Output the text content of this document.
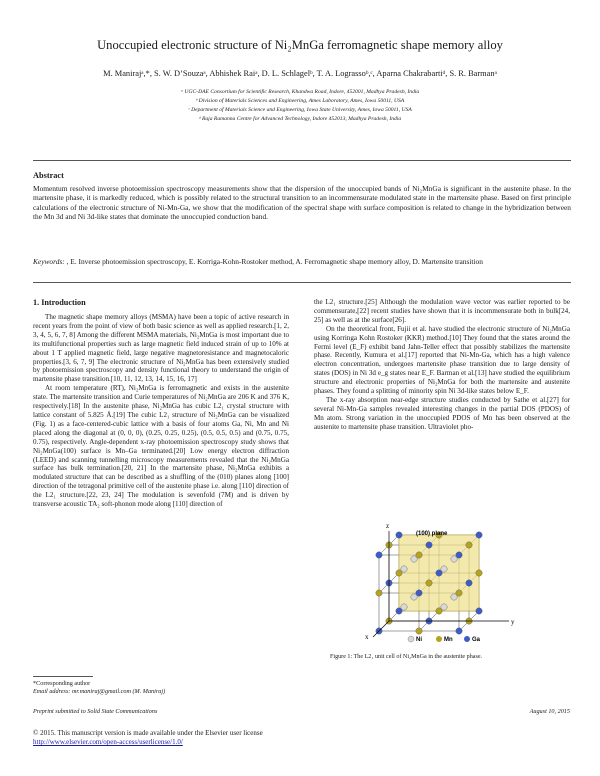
Unoccupied electronic structure of Ni₂MnGa ferromagnetic shape memory alloy
M. Manirajᵃ,*, S. W. D’Souzaᵃ, Abhishek Raiᵃ, D. L. Schlagelᵇ, T. A. Lograssoᵇ,ᶜ, Aparna Chakrabartiᵈ, S. R. Barmanᵃ
ᵃ UGC-DAE Consortium for Scientific Research, Khandwa Road, Indore, 452001, Madhya Pradesh, India
ᵇ Division of Materials Sciences and Engineering, Ames Laboratory, Ames, Iowa 50011, USA
ᶜ Department of Materials Science and Engineering, Iowa State University, Ames, Iowa 50011, USA
ᵈ Raja Ramanna Centre for Advanced Technology, Indore 452013, Madhya Pradesh, India
Abstract
Momentum resolved inverse photoemission spectroscopy measurements show that the dispersion of the unoccupied bands of Ni₂MnGa is significant in the austenite phase. In the martensite phase, it is markedly reduced, which is possibly related to the structural transition to an incommensurate modulated state in the martensite phase. Based on first principle calculations of the electronic structure of Ni-Mn-Ga, we show that the modification of the spectral shape with surface composition is related to change in the hybridization between the Mn 3d and Ni 3d-like states that dominate the unoccupied conduction band.
Keywords: , E. Inverse photoemission spectroscopy, E. Korriga-Kohn-Rostoker method, A. Ferromagnetic shape memory alloy, D. Martensite transition
1. Introduction

The magnetic shape memory alloys (MSMA) have been a topic of active research in recent years from the point of view of both basic science as well as applied research.[1, 2, 3, 4, 5, 6, 7, 8] Among the different MSMA materials, Ni₂MnGa is most important due to its multifunctional properties such as large magnetic field induced strain of up to 10% at about 1 T applied magnetic field, large negative magnetoresistance and magnetocaloric properties.[3, 6, 7, 9] The electronic structure of Ni₂MnGa has been extensively studied by photoemission spectroscopy and density functional theory to understand the origin of martensite phase transition.[10, 11, 12, 13, 14, 15, 16, 17]

At room temperature (RT), Ni₂MnGa is ferromagnetic and exists in the austenite state. The martensite transition and Curie temperatures of Ni₂MnGa are 206 K and 376 K, respectively.[18] In the austenite phase, Ni₂MnGa has cubic L2₁ crystal structure with lattice constant of 5.825 Å.[19] The cubic L2₁ structure of Ni₂MnGa can be visualized (Fig. 1) as a face-centered-cubic lattice with a basis of four atoms Ga, Ni, Mn and Ni placed along the diagonal at (0, 0, 0), (0.25, 0.25, 0.25), (0.5, 0.5, 0.5) and (0.75, 0.75, 0.75), respectively. Angle-dependent x-ray photoemission spectroscopy study shows that Ni₂MnGa(100) surface is Mn–Ga terminated.[20] Low energy electron diffraction (LEED) and scanning tunnelling microscopy measurements revealed that the Ni₂MnGa surface has bulk termination.[20, 21] In the martensite phase, Ni₂MnGa exhibits a modulated structure that can be described as a shuffling of the (010) planes along [100] direction of the tetragonal primitive cell of the austenite phase i.e. along [110] direction of the L2₁ structure.[22, 23, 24] The modulation is sevenfold (7M) and is driven by transverse acoustic TA₂ soft-phonon mode along [110] direction of

the L2₁ structure.[25] Although the modulation wave vector was earlier reported to be commensurate,[22] recent studies have shown that it is incommensurate both in bulk[24, 25] as well as at the surface[26].

On the theoretical front, Fujii et al. have studied the electronic structure of Ni₂MnGa using Korringa Kohn Rostoker (KKR) method.[10] They found that the states around the Fermi level (E_F) exhibit band Jahn-Teller effect that possibly stabilizes the martensite phase. Recently, Kumura et al.[17] reported that Ni-Mn-Ga, which has a high valence electron concentration, undergoes martensite phase transition due to large density of states (DOS) in Ni 3d e_g states near E_F. Barman et al.[13] have studied the equilibrium structure and electronic properties of Ni₂MnGa for both the martensite and austenite phases. They found a splitting of minority spin Ni 3d-like states below E_F.

The x-ray absorption near-edge structure studies conducted by Sathe et al.[27] for several Ni-Mn-Ga samples revealed interesting changes in the partial DOS (PDOS) of Mn atom. Strong variation in the unoccupied PDOS of Mn has been observed at the austenite to martensite phase transition. Ultraviolet pho-

z
y
x
(100) plane
Ni	Mn	Ga
Figure 1: The L2₁ unit cell of Ni₂MnGa in the austenite phase.
*Corresponding author
Email address: mr.maniraj@gmail.com (M. Maniraj)
Preprint submitted to Solid State Communications	August 10, 2015
© 2015. This manuscript version is made available under the Elsevier user license
http://www.elsevier.com/open-access/userlicense/1.0/
